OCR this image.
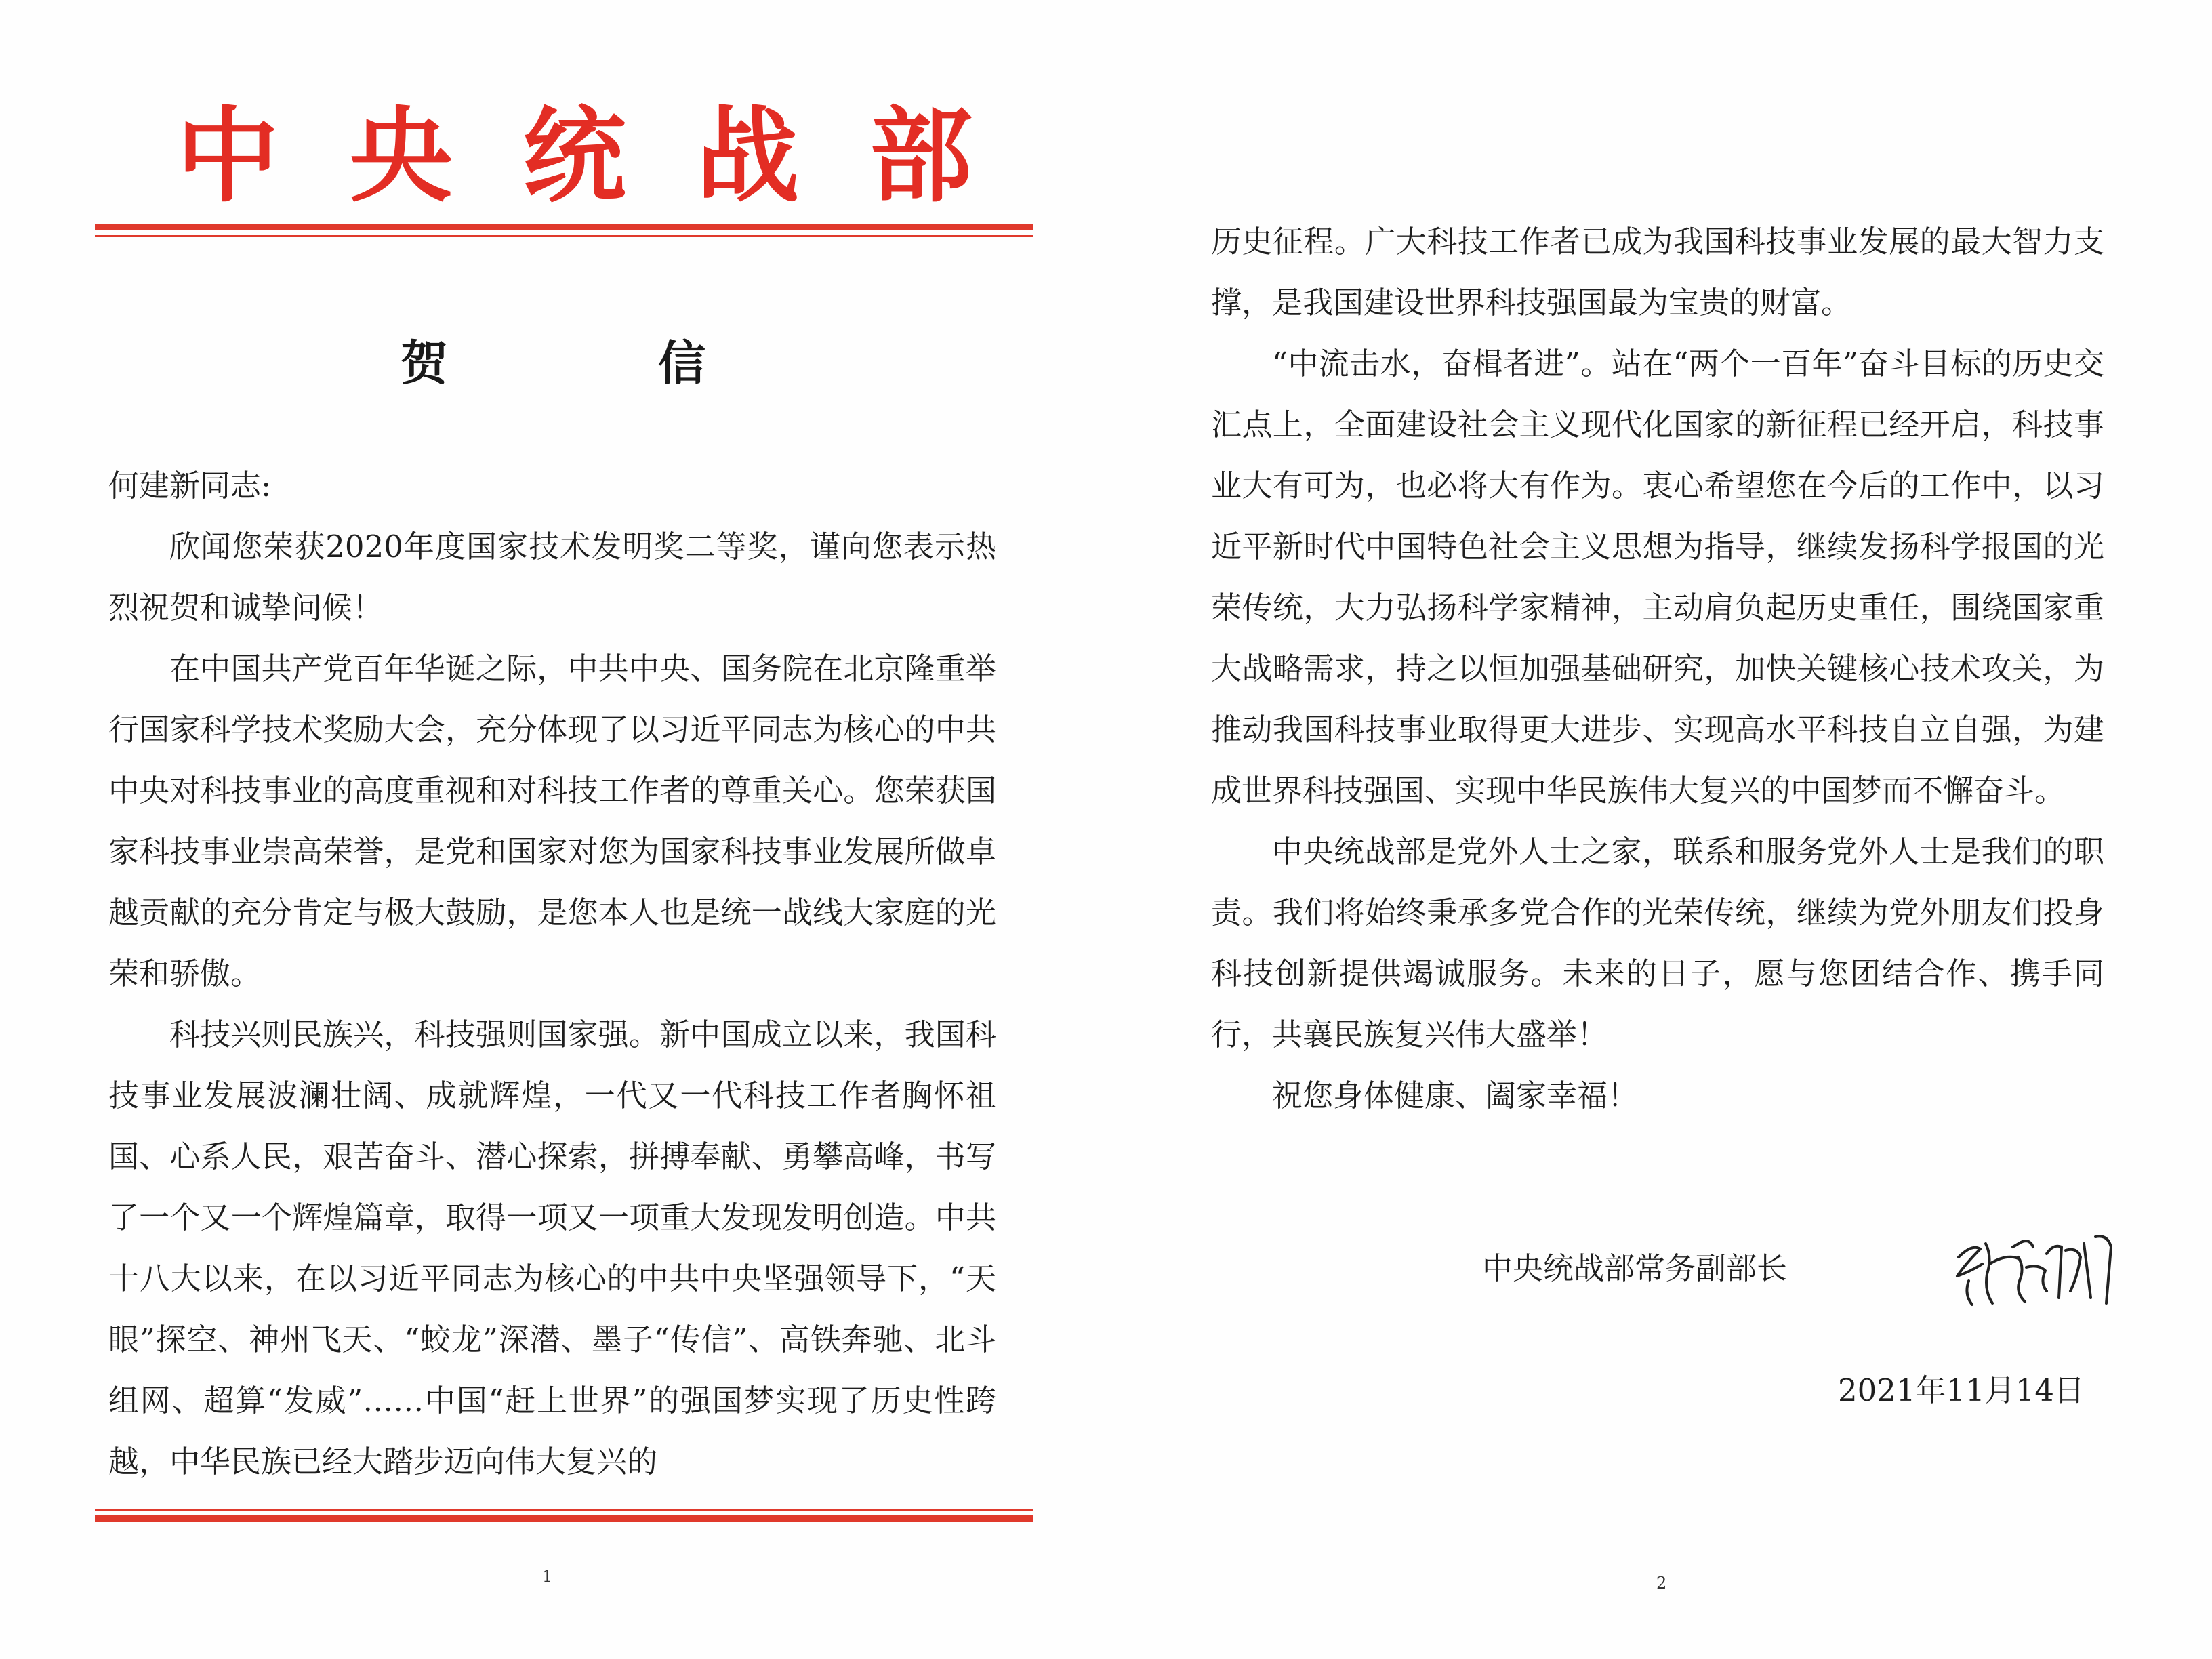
中 央 统 战 部
贺　信

何建新同志:

欣闻您荣获2020年度国家技术发明奖二等奖，谨向您表示热烈祝贺和诚挚问候！

在中国共产党百年华诞之际，中共中央、国务院在北京隆重举行国家科学技术奖励大会，充分体现了以习近平同志为核心的中共中央对科技事业的高度重视和对科技工作者的尊重关心。您荣获国家科技事业崇高荣誉，是党和国家对您为国家科技事业发展所做卓越贡献的充分肯定与极大鼓励，是您本人也是统一战线大家庭的光荣和骄傲。

科技兴则民族兴，科技强则国家强。新中国成立以来，我国科技事业发展波澜壮阔、成就辉煌，一代又一代科技工作者胸怀祖国、心系人民，艰苦奋斗、潜心探索，拼搏奉献、勇攀高峰，书写了一个又一个辉煌篇章，取得一项又一项重大发现发明创造。中共十八大以来，在以习近平同志为核心的中共中央坚强领导下，“天眼”探空、神州飞天、“蛟龙”深潜、墨子“传信”、高铁奔驰、北斗组网、超算“发威”……中国“赶上世界”的强国梦实现了历史性跨越，中华民族已经大踏步迈向伟大复兴的

1

历史征程。广大科技工作者已成为我国科技事业发展的最大智力支撑，是我国建设世界科技强国最为宝贵的财富。

“中流击水，奋楫者进”。站在“两个一百年”奋斗目标的历史交汇点上，全面建设社会主义现代化国家的新征程已经开启，科技事业大有可为，也必将大有作为。衷心希望您在今后的工作中，以习近平新时代中国特色社会主义思想为指导，继续发扬科学报国的光荣传统，大力弘扬科学家精神，主动肩负起历史重任，围绕国家重大战略需求，持之以恒加强基础研究，加快关键核心技术攻关，为推动我国科技事业取得更大进步、实现高水平科技自立自强，为建成世界科技强国、实现中华民族伟大复兴的中国梦而不懈奋斗。

中央统战部是党外人士之家，联系和服务党外人士是我们的职责。我们将始终秉承多党合作的光荣传统，继续为党外朋友们投身科技创新提供竭诚服务。未来的日子，愿与您团结合作、携手同行，共襄民族复兴伟大盛举！

祝您身体健康、阖家幸福！

中央统战部常务副部长
2021年11月14日
2
